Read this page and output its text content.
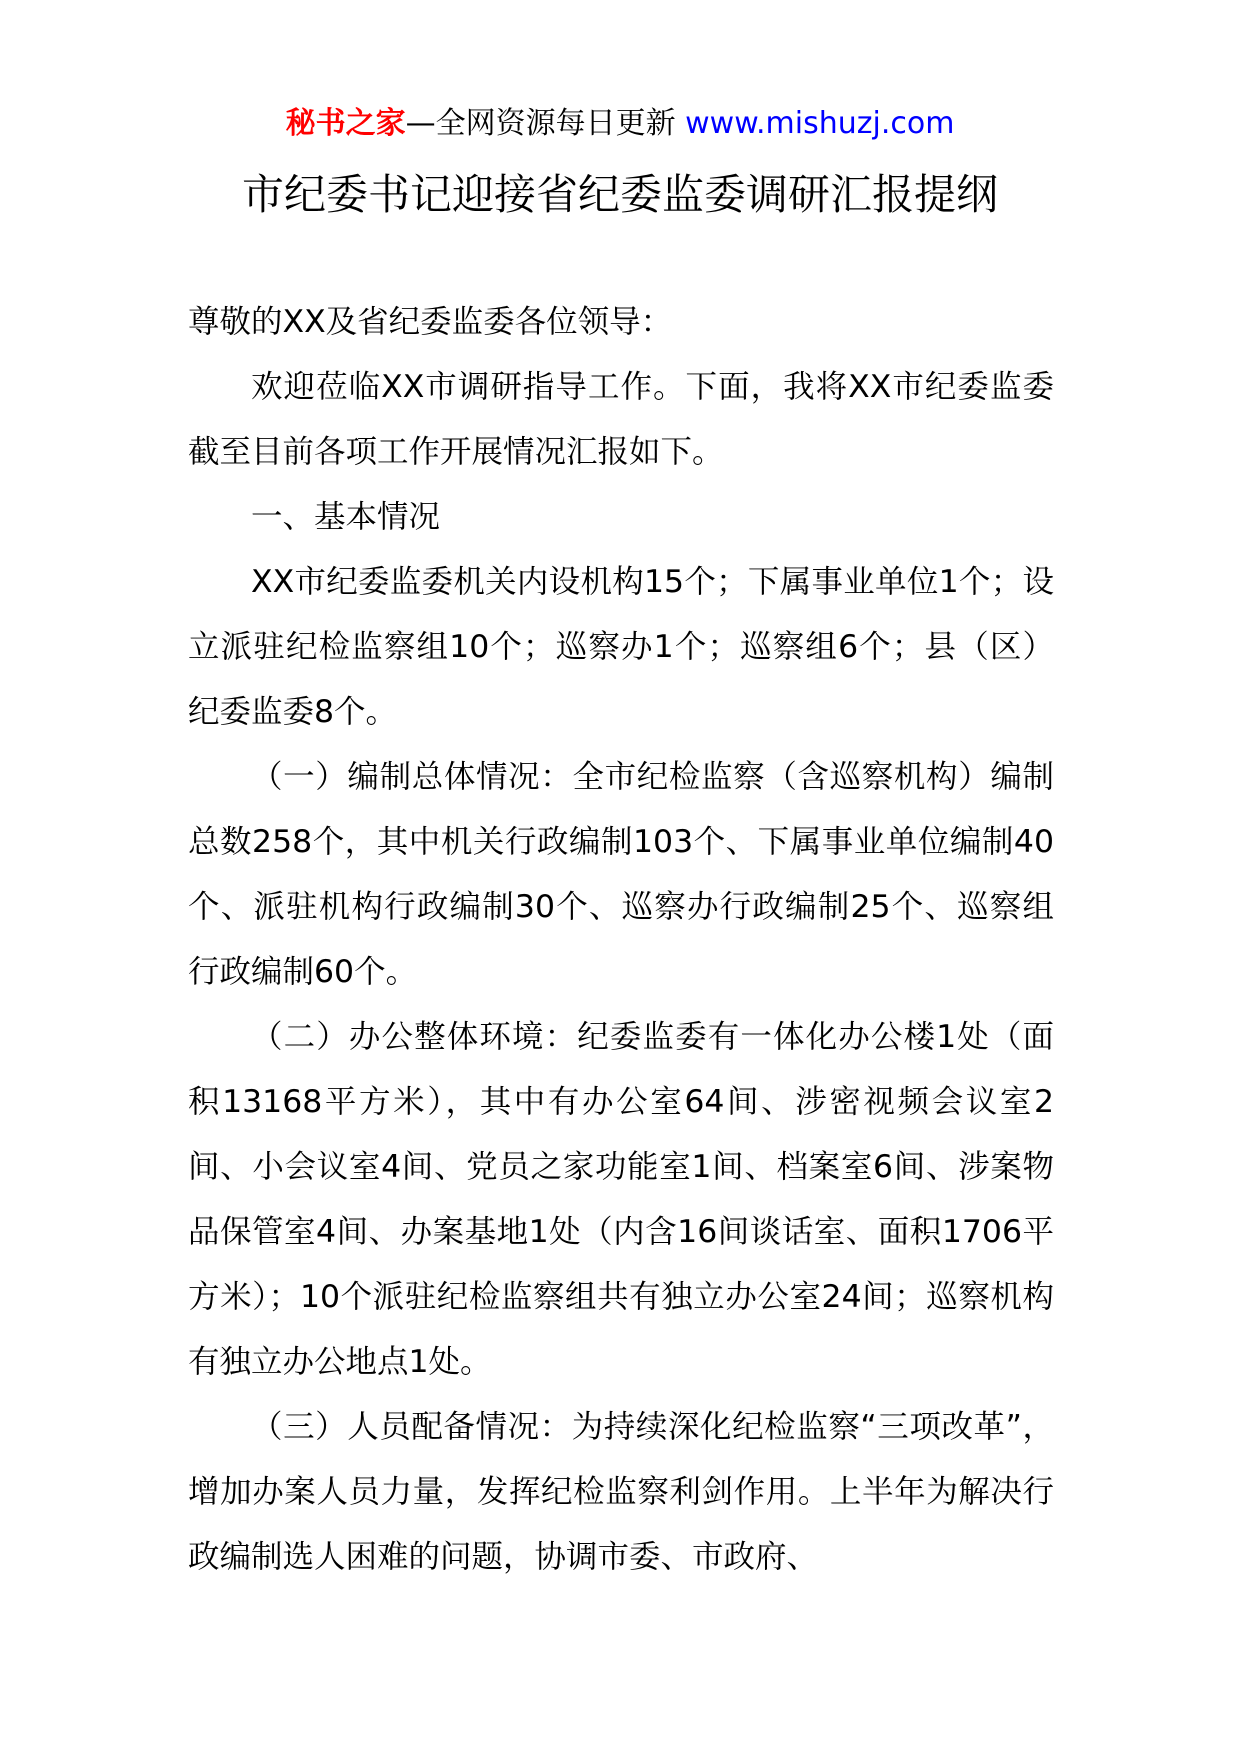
秘书之家—全网资源每日更新 www.mishuzj.com
市纪委书记迎接省纪委监委调研汇报提纲

尊敬的XX及省纪委监委各位领导：

欢迎莅临XX市调研指导工作。下面，我将XX市纪委监委截至目前各项工作开展情况汇报如下。

一、基本情况

XX市纪委监委机关内设机构15个；下属事业单位1个；设立派驻纪检监察组10个；巡察办1个；巡察组6个；县（区）纪委监委8个。

（一）编制总体情况：全市纪检监察（含巡察机构）编制总数258个，其中机关行政编制103个、下属事业单位编制40个、派驻机构行政编制30个、巡察办行政编制25个、巡察组行政编制60个。

（二）办公整体环境：纪委监委有一体化办公楼1处（面积13168平方米），其中有办公室64间、涉密视频会议室2间、小会议室4间、党员之家功能室1间、档案室6间、涉案物品保管室4间、办案基地1处（内含16间谈话室、面积1706平方米）；10个派驻纪检监察组共有独立办公室24间；巡察机构有独立办公地点1处。

（三）人员配备情况：为持续深化纪检监察“三项改革”，增加办案人员力量，发挥纪检监察利剑作用。上半年为解决行政编制选人困难的问题，协调市委、市政府、
